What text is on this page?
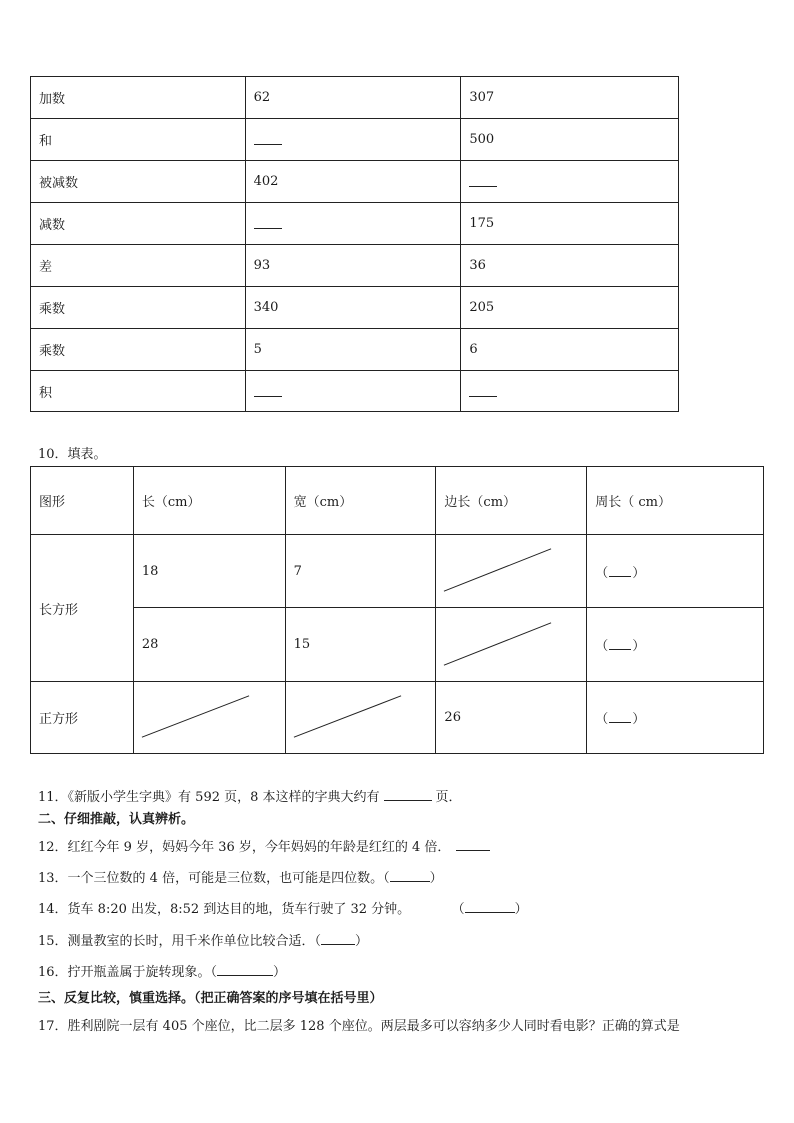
加数	62	307
和		500
被减数	402	
减数		175
差	93	36
乘数	340	205
乘数	5	6
积		
10．填表。
图形	长（cm）	宽（cm）	边长（cm）	周长（ cm）
长方形	18	7		（ ）

	28	15		（ ）

正方形			26	（ ）
11．《新版小学生字典》有 592 页，8 本这样的字典大约有	页．
二、仔细推敲，认真辨析。
12．红红今年 9 岁，妈妈今年 36 岁，今年妈妈的年龄是红红的 4 倍．
13．一个三位数的 4 倍，可能是三位数，也可能是四位数。（	）
14．货车 8:20 出发，8:52 到达目的地，货车行驶了 32 分钟。	（	）
15．测量教室的长时，用千米作单位比较合适．（	）
16．拧开瓶盖属于旋转现象。（	）
三、反复比较，慎重选择。（把正确答案的序号填在括号里）
17．胜利剧院一层有 405 个座位，比二层多 128 个座位。两层最多可以容纳多少人同时看电影？正确的算式是
